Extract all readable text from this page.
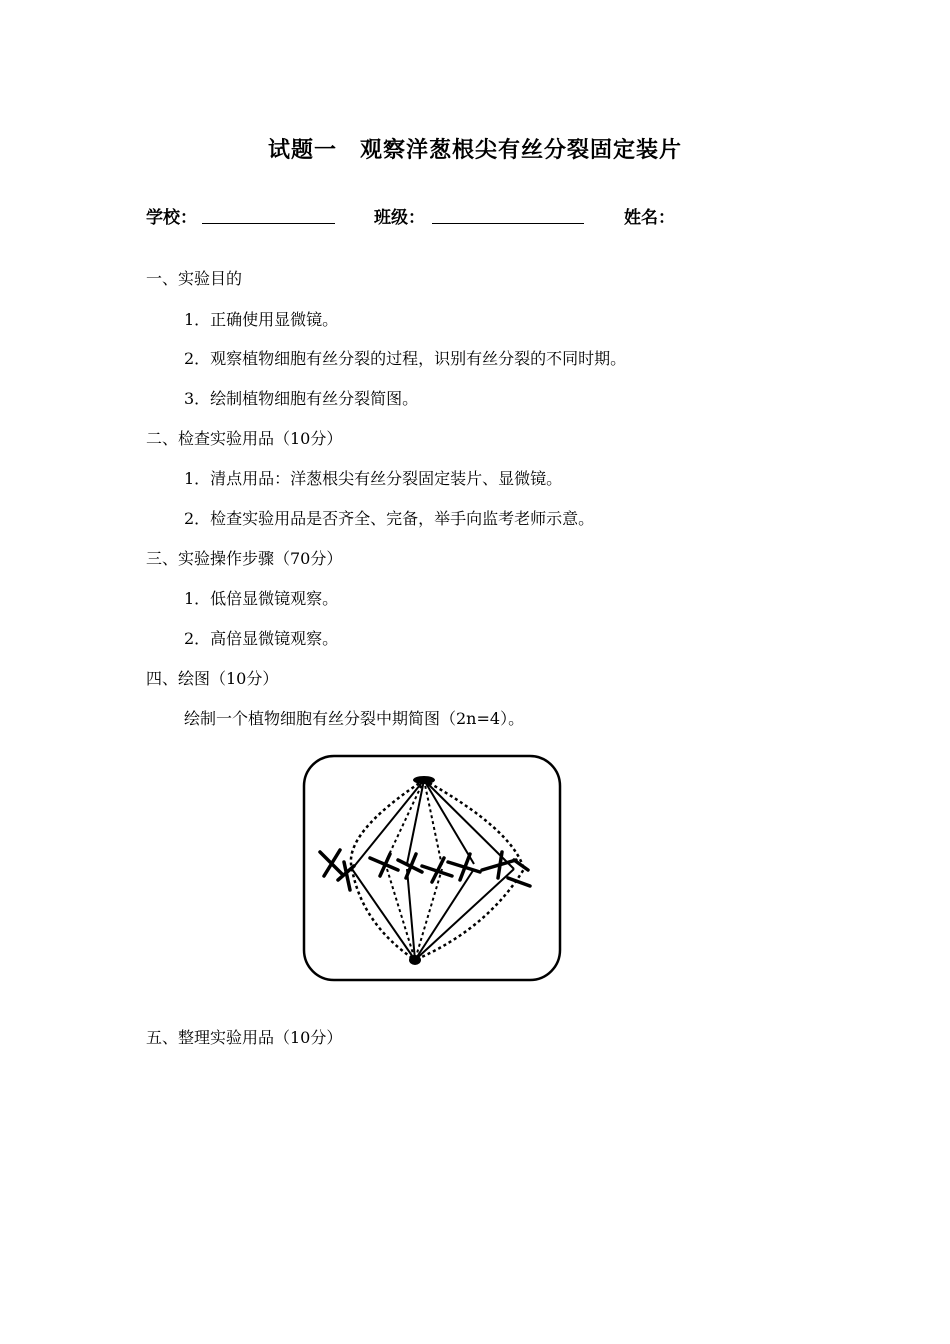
试题一　观察洋葱根尖有丝分裂固定装片
学校：	班级：	姓名：
一、实验目的
1．正确使用显微镜。
2．观察植物细胞有丝分裂的过程，识别有丝分裂的不同时期。
3．绘制植物细胞有丝分裂简图。
二、检查实验用品（10分）
1．清点用品：洋葱根尖有丝分裂固定装片、显微镜。
2．检查实验用品是否齐全、完备，举手向监考老师示意。
三、实验操作步骤（70分）
1．低倍显微镜观察。
2．高倍显微镜观察。
四、绘图（10分）
绘制一个植物细胞有丝分裂中期简图（2n=4）。
五、整理实验用品（10分）
